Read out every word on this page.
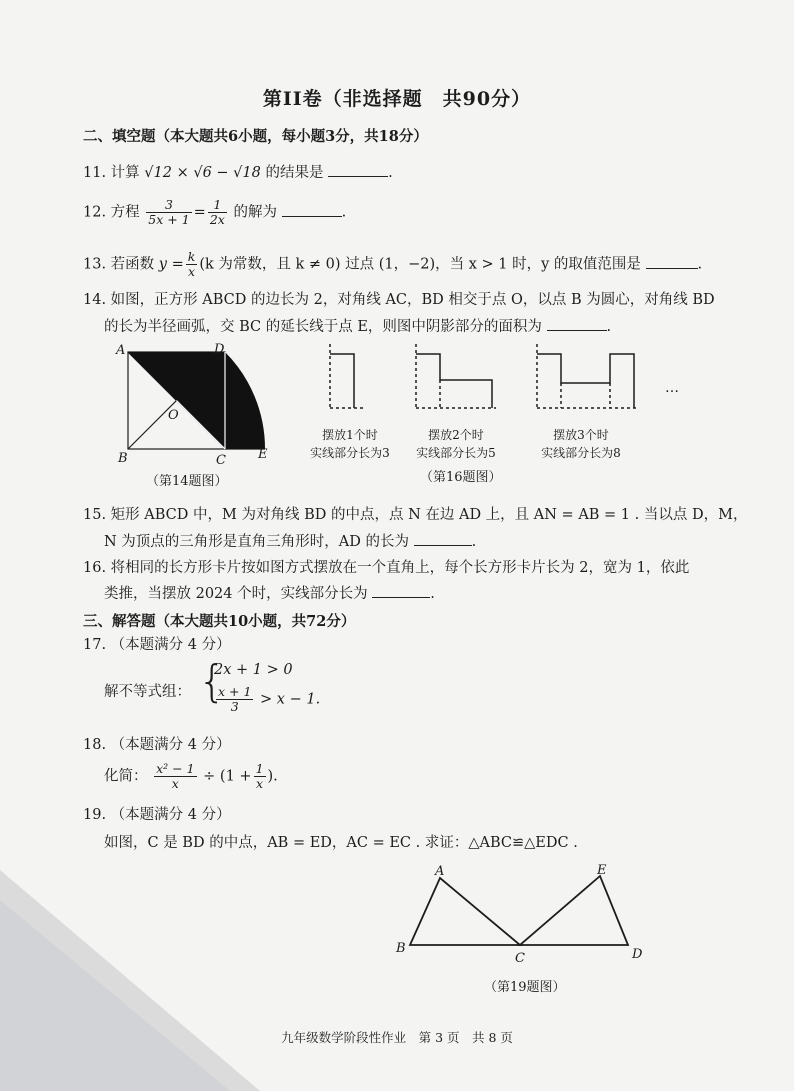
第II卷（非选择题　共90分）
二、填空题（本大题共6小题，每小题3分，共18分）
11. 计算 √12 × √6 − √18 的结果是	.
12. 方程 $\frac{3}{5x + 1} = \frac{1}{2x}$ 的解为	.
13. 若函数 $y = \frac{k}{x} (k$ 为常数，且 k ≠ 0) 过点 (1，−2)，当 x > 1 时，y 的取值范围是	.
14. 如图，正方形 ABCD 的边长为 2，对角线 AC，BD 相交于点 O，以点 B 为圆心，对角线 BD
的长为半径画弧，交 BC 的延长线于点 E，则图中阴影部分的面积为	.
A	D
O
B	C E
（第14题图）
…
摆放1个时
实线部分长为3
摆放2个时
实线部分长为5
摆放3个时
实线部分长为8
（第16题图）
15. 矩形 ABCD 中，M 为对角线 BD 的中点，点 N 在边 AD 上，且 AN = AB = 1 . 当以点 D，M，
N 为顶点的三角形是直角三角形时，AD 的长为	.
16. 将相同的长方形卡片按如图方式摆放在一个直角上，每个长方形卡片长为 2，宽为 1，依此
类推，当摆放 2024 个时，实线部分长为	.
三、解答题（本大题共10小题，共72分）
17. （本题满分 4 分）
解不等式组： {
2x + 1 > 0
$\frac{x + 1}{3} > x - 1$.
18. （本题满分 4 分）
化简： $\frac{\text{x² − 1}}{x} \div (1 + \frac{1}{x}$ ).
19. （本题满分 4 分）
如图，C 是 BD 的中点，AB = ED，AC = EC . 求证：△ABC≌△EDC .
A	E
B
C	D
（第19题图）
九年级数学阶段性作业　第 3 页　共 8 页
